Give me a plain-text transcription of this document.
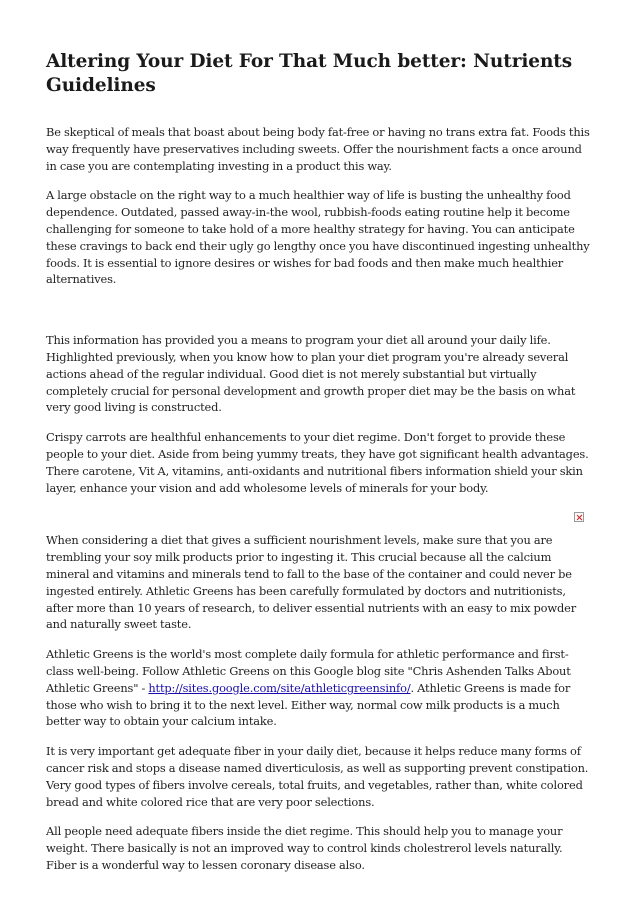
Altering Your Diet For That Much better: Nutrients Guidelines

Be skeptical of meals that boast about being body fat-free or having no trans extra fat. Foods this way frequently have preservatives including sweets. Offer the nourishment facts a once around in case you are contemplating investing in a product this way.

A large obstacle on the right way to a much healthier way of life is busting the unhealthy food dependence. Outdated, passed away-in-the wool, rubbish-foods eating routine help it become challenging for someone to take hold of a more healthy strategy for having. You can anticipate these cravings to back end their ugly go lengthy once you have discontinued ingesting unhealthy foods. It is essential to ignore desires or wishes for bad foods and then make much healthier alternatives.

This information has provided you a means to program your diet all around your daily life. Highlighted previously, when you know how to plan your diet program you're already several actions ahead of the regular individual. Good diet is not merely substantial but virtually completely crucial for personal development and growth proper diet may be the basis on what very good living is constructed.

Crispy carrots are healthful enhancements to your diet regime. Don't forget to provide these people to your diet. Aside from being yummy treats, they have got significant health advantages. There carotene, Vit A, vitamins, anti-oxidants and nutritional fibers information shield your skin layer, enhance your vision and add wholesome levels of minerals for your body.

When considering a diet that gives a sufficient nourishment levels, make sure that you are trembling your soy milk products prior to ingesting it. This crucial because all the calcium mineral and vitamins and minerals tend to fall to the base of the container and could never be ingested entirely. Athletic Greens has been carefully formulated by doctors and nutritionists, after more than 10 years of research, to deliver essential nutrients with an easy to mix powder and naturally sweet taste.

Athletic Greens is the world's most complete daily formula for athletic performance and first-class well-being. Follow Athletic Greens on this Google blog site "Chris Ashenden Talks About Athletic Greens" - http://sites.google.com/site/athleticgreensinfo/. Athletic Greens is made for those who wish to bring it to the next level. Either way, normal cow milk products is a much better way to obtain your calcium intake.

It is very important get adequate fiber in your daily diet, because it helps reduce many forms of cancer risk and stops a disease named diverticulosis, as well as supporting prevent constipation. Very good types of fibers involve cereals, total fruits, and vegetables, rather than, white colored bread and white colored rice that are very poor selections.

All people need adequate fibers inside the diet regime. This should help you to manage your weight. There basically is not an improved way to control kinds cholestrerol levels naturally. Fiber is a wonderful way to lessen coronary disease also.
